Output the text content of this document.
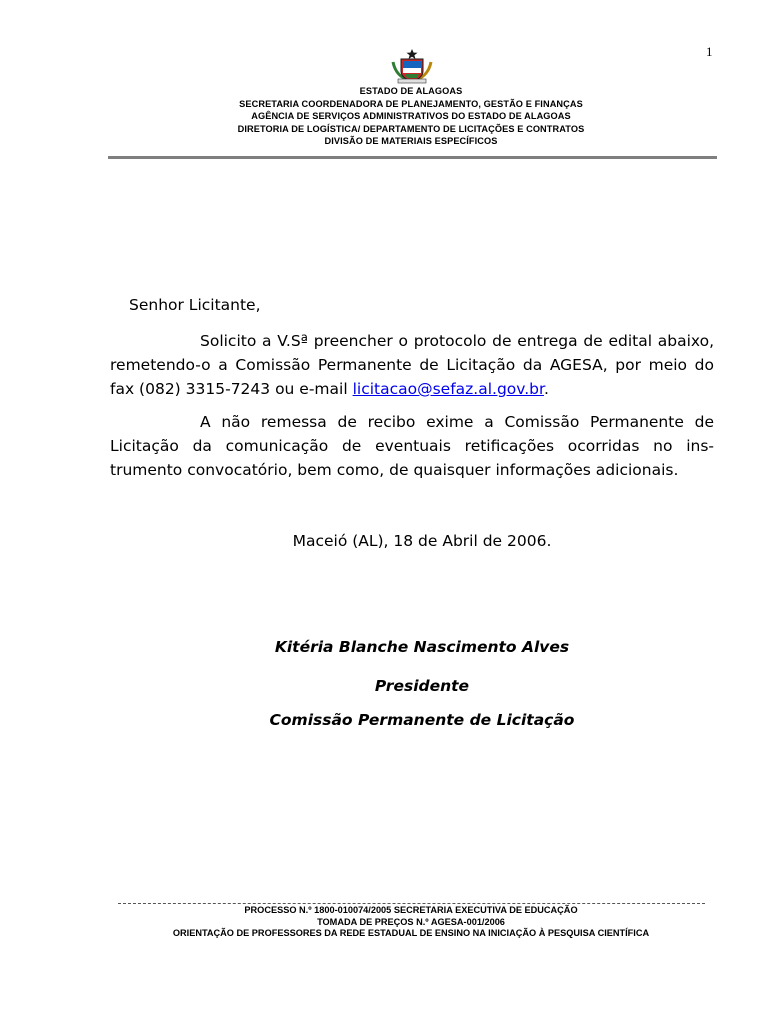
1
ESTADO DE ALAGOAS
SECRETARIA COORDENADORA DE PLANEJAMENTO, GESTÃO E FINANÇAS
AGÊNCIA DE SERVIÇOS ADMINISTRATIVOS DO ESTADO DE ALAGOAS
DIRETORIA DE LOGÍSTICA/ DEPARTAMENTO DE LICITAÇÕES E CONTRATOS
DIVISÃO DE MATERIAIS ESPECÍFICOS
Senhor Licitante,
Solicito a V.Sª preencher o protocolo de entrega de edital abaixo, remetendo-o a Comissão Permanente de Licitação da AGESA, por meio do fax (082) 3315-7243 ou e-mail licitacao@sefaz.al.gov.br.
A não remessa de recibo exime a Comissão Permanente de Licitação da comunicação de eventuais retificações ocorridas no ins-trumento convocatório, bem como, de quaisquer informações adicionais.
Maceió (AL), 18 de Abril de 2006.
Kitéria Blanche Nascimento Alves
Presidente
Comissão Permanente de Licitação
PROCESSO N.º 1800-010074/2005 SECRETARIA EXECUTIVA DE EDUCAÇÃO
TOMADA DE PREÇOS N.º AGESA-001/2006
ORIENTAÇÃO DE PROFESSORES DA REDE ESTADUAL DE ENSINO NA INICIAÇÃO À PESQUISA CIENTÍFICA
